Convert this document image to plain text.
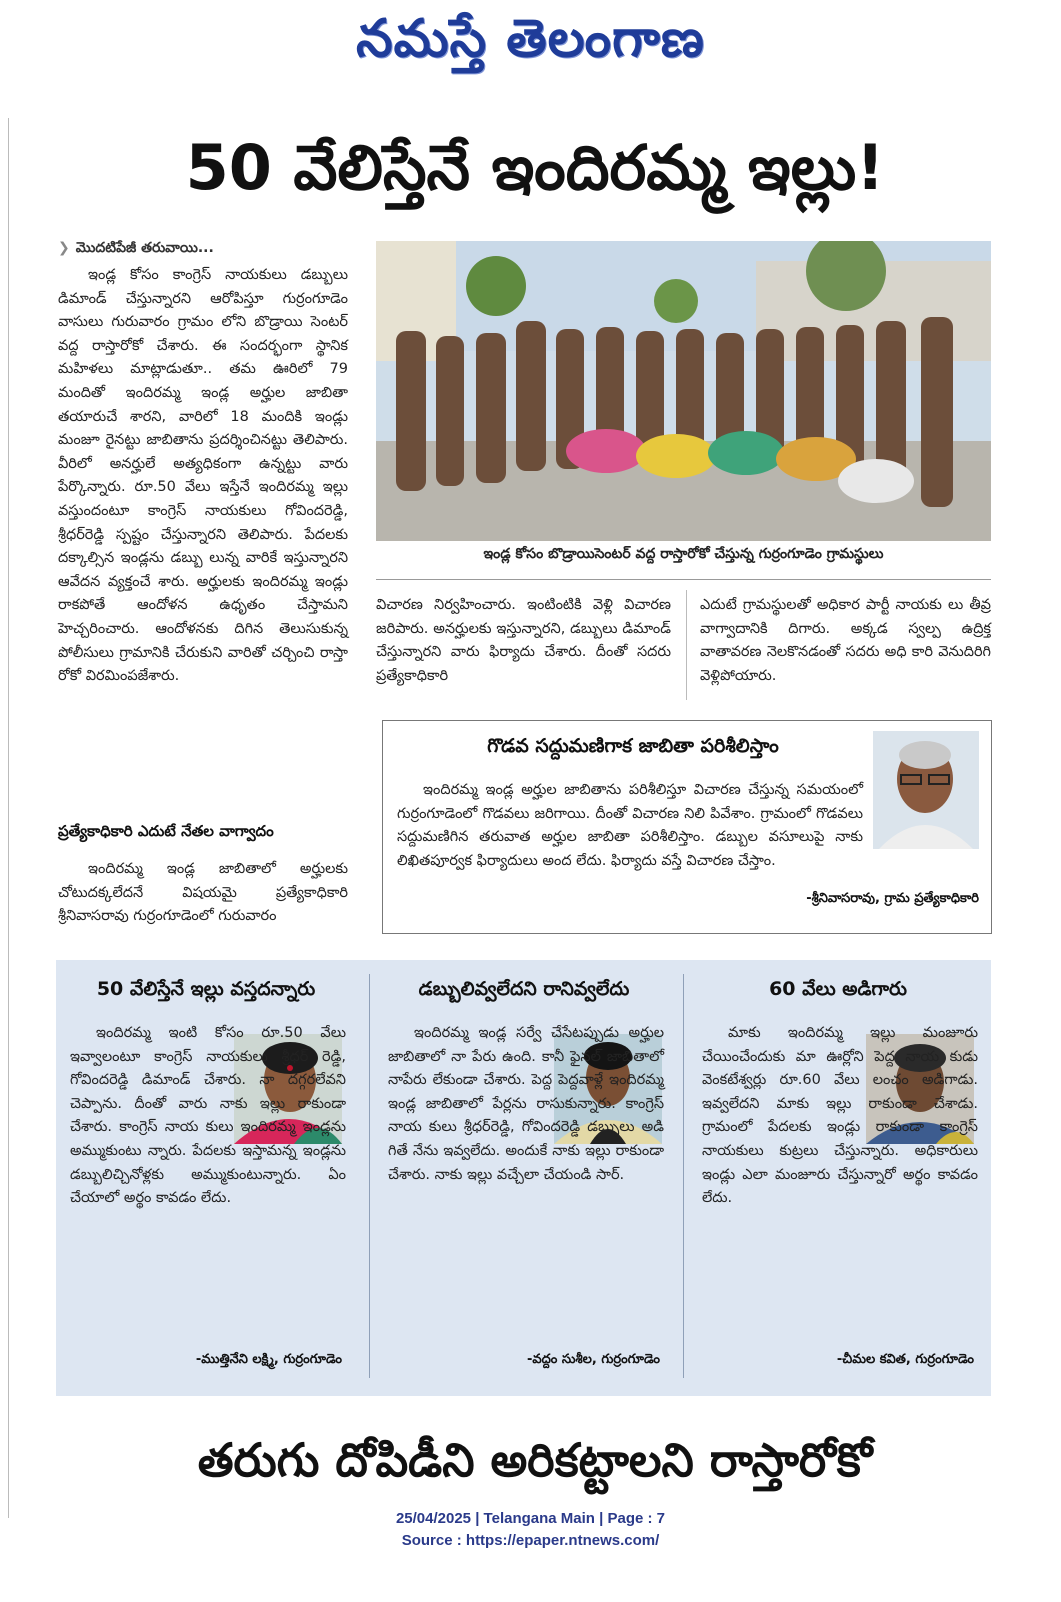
నమస్తే తెలంగాణ
50 వేలిస్తేనే ఇందిరమ్మ ఇల్లు!
❯ మొదటిపేజీ తరువాయి...

ఇండ్ల కోసం కాంగ్రెస్ నాయకులు డబ్బులు డిమాండ్ చేస్తున్నారని ఆరోపిస్తూ గుర్రంగూడెం వాసులు గురువారం గ్రామం లోని బొడ్రాయి సెంటర్ వద్ద రాస్తారోకో చేశారు. ఈ సందర్భంగా స్థానిక మహిళలు మాట్లాడుతూ.. తమ ఊరిలో 79 మందితో ఇందిరమ్మ ఇండ్ల అర్హుల జాబితా తయారుచే శారని, వారిలో 18 మందికి ఇండ్లు మంజూ రైనట్టు జాబితాను ప్రదర్శించినట్టు తెలిపారు. వీరిలో అనర్హులే అత్యధికంగా ఉన్నట్టు వారు పేర్కొన్నారు. రూ.50 వేలు ఇస్తేనే ఇందిరమ్మ ఇల్లు వస్తుందంటూ కాంగ్రెస్ నాయకులు గోవిందరెడ్డి, శ్రీధర్‌రెడ్డి స్పష్టం చేస్తున్నారని తెలిపారు. పేదలకు దక్కాల్సిన ఇండ్లను డబ్బు లున్న వారికే ఇస్తున్నారని ఆవేదన వ్యక్తంచే శారు. అర్హులకు ఇందిరమ్మ ఇండ్లు రాకపోతే ఆందోళన ఉధృతం చేస్తామని హెచ్చరించారు. ఆందోళనకు దిగిన తెలుసుకున్న పోలీసులు గ్రామానికి చేరుకుని వారితో చర్చించి రాస్తా రోకో విరమింపజేశారు.

ప్రత్యేకాధికారి ఎదుటే నేతల వాగ్వాదం

ఇందిరమ్మ ఇండ్ల జాబితాలో అర్హులకు చోటుదక్కలేదనే విషయమై ప్రత్యేకాధికారి శ్రీనివాసరావు గుర్రంగూడెంలో గురువారం

ఇండ్ల కోసం బొడ్రాయిసెంటర్ వద్ద రాస్తారోకో చేస్తున్న గుర్రంగూడెం గ్రామస్థులు

విచారణ నిర్వహించారు. ఇంటింటికి వెళ్లి విచారణ జరిపారు. అనర్హులకు ఇస్తున్నారని, డబ్బులు డిమాండ్ చేస్తున్నారని వారు ఫిర్యాదు చేశారు. దీంతో సదరు ప్రత్యేకాధికారి

ఎదుటే గ్రామస్థులతో అధికార పార్టీ నాయకు లు తీవ్ర వాగ్వాదానికి దిగారు. అక్కడ స్వల్ప ఉద్రిక్త వాతావరణ నెలకొనడంతో సదరు అధి కారి వెనుదిరిగి వెళ్లిపోయారు.

గొడవ సద్దుమణిగాక జాబితా పరిశీలిస్తాం

ఇందిరమ్మ ఇండ్ల అర్హుల జాబితాను పరిశీలిస్తూ విచారణ చేస్తున్న సమయంలో గుర్రంగూడెంలో గొడవలు జరిగాయి. దీంతో విచారణ నిలి పివేశాం. గ్రామంలో గొడవలు సద్దుమణిగిన తరువాత అర్హుల జాబితా పరిశీలిస్తాం. డబ్బుల వసూలుపై నాకు లిఖితపూర్వక ఫిర్యాదులు అంద లేదు. ఫిర్యాదు వస్తే విచారణ చేస్తాం.

-శ్రీనివాసరావు, గ్రామ ప్రత్యేకాధికారి
50 వేలిస్తేనే ఇల్లు వస్తదన్నారు

ఇందిరమ్మ ఇంటి కోసం రూ.50 వేలు ఇవ్వాలంటూ కాంగ్రెస్ నాయకులు శ్రీధర్ రెడ్డి, గోవిందరెడ్డి డిమాండ్ చేశారు. నా దగ్గరలేవని చెప్పాను. దీంతో వారు నాకు ఇల్లు రాకుండా చేశారు. కాంగ్రెస్ నాయ కులు ఇందిరమ్మ ఇండ్లను అమ్ముకుంటు న్నారు. పేదలకు ఇస్తామన్న ఇండ్లను డబ్బులిచ్చినోళ్లకు అమ్ముకుంటున్నారు. ఏం చేయాలో అర్థం కావడం లేదు.

-ముత్తినేని లక్ష్మి, గుర్రంగూడెం
డబ్బులివ్వలేదని రానివ్వలేదు

ఇందిరమ్మ ఇండ్ల సర్వే చేసేటప్పుడు అర్హుల జాబితాలో నా పేరు ఉంది. కానీ ఫైనల్ జాబితాలో నాపేరు లేకుండా చేశారు. పెద్ద పెద్దవాళ్లే ఇందిరమ్మ ఇండ్ల జాబితాలో పేర్లను రాసుకున్నారు. కాంగ్రెస్ నాయ కులు శ్రీధర్‌రెడ్డి, గోవిందరెడ్డి డబ్బులు అడి గితే నేను ఇవ్వలేదు. అందుకే నాకు ఇల్లు రాకుండా చేశారు. నాకు ఇల్లు వచ్చేలా చేయండి సార్.

-వద్దం సుశీల, గుర్రంగూడెం
60 వేలు అడిగారు

మాకు ఇందిరమ్మ ఇల్లు మంజూరు చేయించేందుకు మా ఊర్లోని పెద్ద నాయ కుడు వెంకటేశ్వర్లు రూ.60 వేలు లంచం అడిగాడు. ఇవ్వలేదని మాకు ఇల్లు రాకుండా చేశాడు. గ్రామంలో పేదలకు ఇండ్లు రాకుండా కాంగ్రెస్ నాయకులు కుట్రలు చేస్తున్నారు. అధికారులు ఇండ్లు ఎలా మంజూరు చేస్తున్నారో అర్థం కావడం లేదు.

-చీమల కవిత, గుర్రంగూడెం
తరుగు దోపిడీని అరికట్టాలని రాస్తారోకో
25/04/2025 | Telangana Main | Page : 7
Source : https://epaper.ntnews.com/
